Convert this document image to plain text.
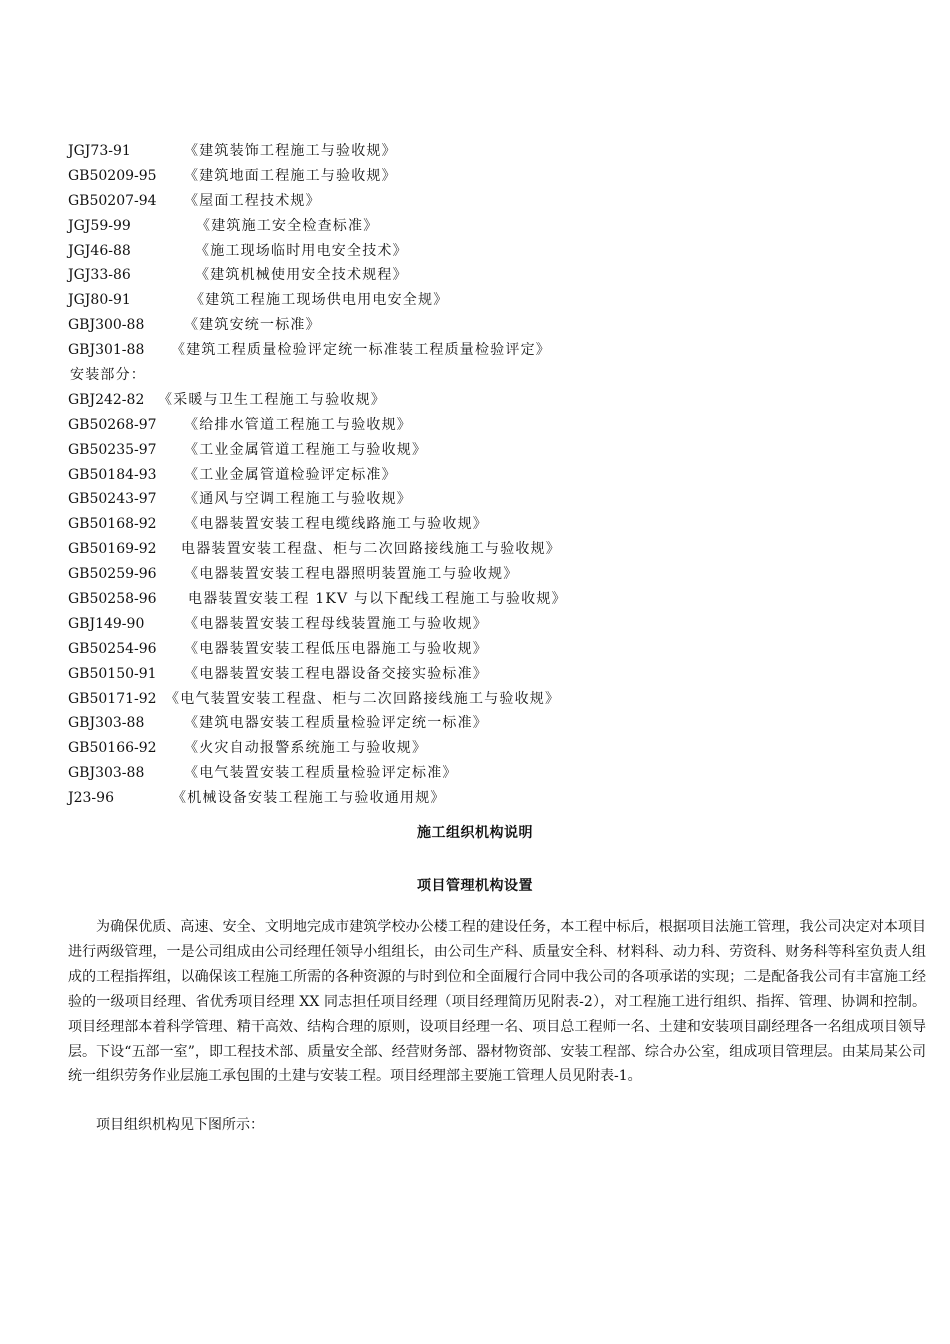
JGJ73-91	《建筑装饰工程施工与验收规》
GB50209-95 《建筑地面工程施工与验收规》
GB50207-94 《屋面工程技术规》
JGJ59-99	《建筑施工安全检查标准》
JGJ46-88	《施工现场临时用电安全技术》
JGJ33-86	《建筑机械使用安全技术规程》
JGJ80-91	《建筑工程施工现场供电用电安全规》
GBJ300-88	《建筑安统一标准》
GBJ301-88 《建筑工程质量检验评定统一标准装工程质量检验评定》
安装部分：
GBJ242-82 《采暖与卫生工程施工与验收规》
GB50268-97 《给排水管道工程施工与验收规》
GB50235-97 《工业金属管道工程施工与验收规》
GB50184-93 《工业金属管道检验评定标准》
GB50243-97 《通风与空调工程施工与验收规》
GB50168-92 《电器装置安装工程电缆线路施工与验收规》
GB50169-92 电器装置安装工程盘、柜与二次回路接线施工与验收规》
GB50259-96 《电器装置安装工程电器照明装置施工与验收规》
GB50258-96 电器装置安装工程 1KV 与以下配线工程施工与验收规》
GBJ149-90	《电器装置安装工程母线装置施工与验收规》
GB50254-96 《电器装置安装工程低压电器施工与验收规》
GB50150-91 《电器装置安装工程电器设备交接实验标准》
GB50171-92 《电气装置安装工程盘、柜与二次回路接线施工与验收规》
GBJ303-88	《建筑电器安装工程质量检验评定统一标准》
GB50166-92 《火灾自动报警系统施工与验收规》
GBJ303-88	《电气装置安装工程质量检验评定标准》
J23-96	《机械设备安装工程施工与验收通用规》
施工组织机构说明
项目管理机构设置

为确保优质、高速、安全、文明地完成市建筑学校办公楼工程的建设任务，本工程中标后，根据项目法施工管理，我公司决定对本项目进行两级管理，一是公司组成由公司经理任领导小组组长，由公司生产科、质量安全科、材料科、动力科、劳资科、财务科等科室负责人组成的工程指挥组，以确保该工程施工所需的各种资源的与时到位和全面履行合同中我公司的各项承诺的实现；二是配备我公司有丰富施工经验的一级项目经理、省优秀项目经理 XX 同志担任项目经理（项目经理简历见附表-2），对工程施工进行组织、指挥、管理、协调和控制。项目经理部本着科学管理、精干高效、结构合理的原则，设项目经理一名、项目总工程师一名、土建和安装项目副经理各一名组成项目领导层。下设“五部一室”，即工程技术部、质量安全部、经营财务部、器材物资部、安装工程部、综合办公室，组成项目管理层。由某局某公司统一组织劳务作业层施工承包围的土建与安装工程。项目经理部主要施工管理人员见附表-1。

项目组织机构见下图所示：
